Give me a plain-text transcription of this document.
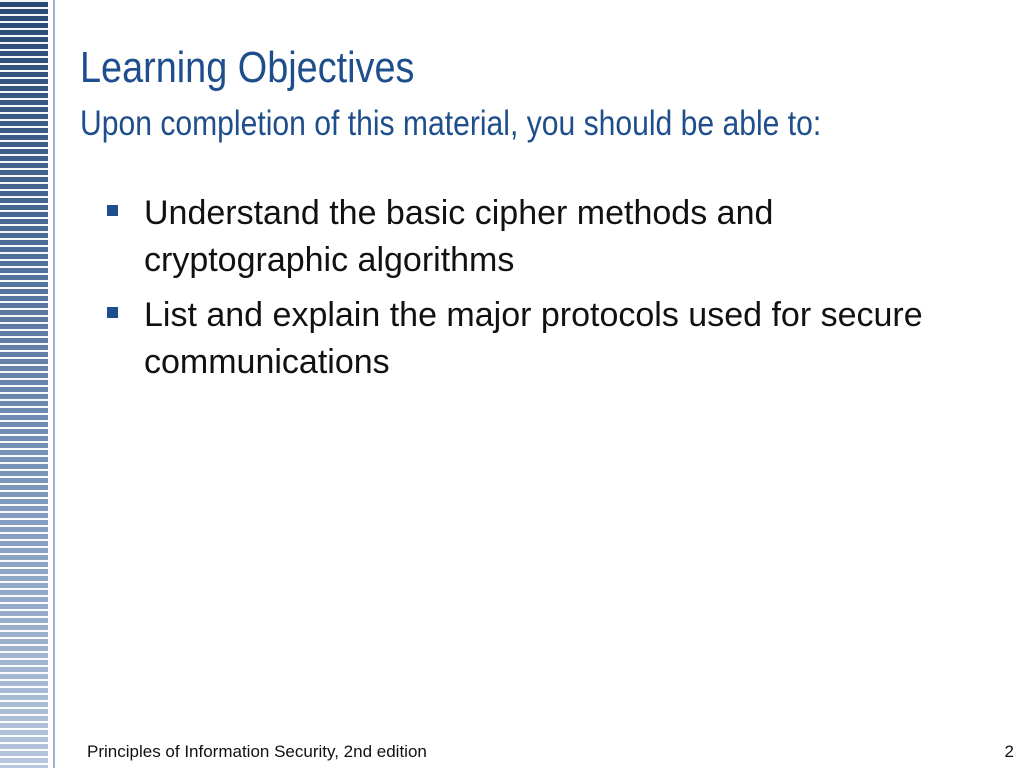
Learning Objectives
Upon completion of this material, you should be able to:
Understand the basic cipher methods and cryptographic algorithms
List and explain the major protocols used for secure communications
Principles of Information Security, 2nd edition	2
